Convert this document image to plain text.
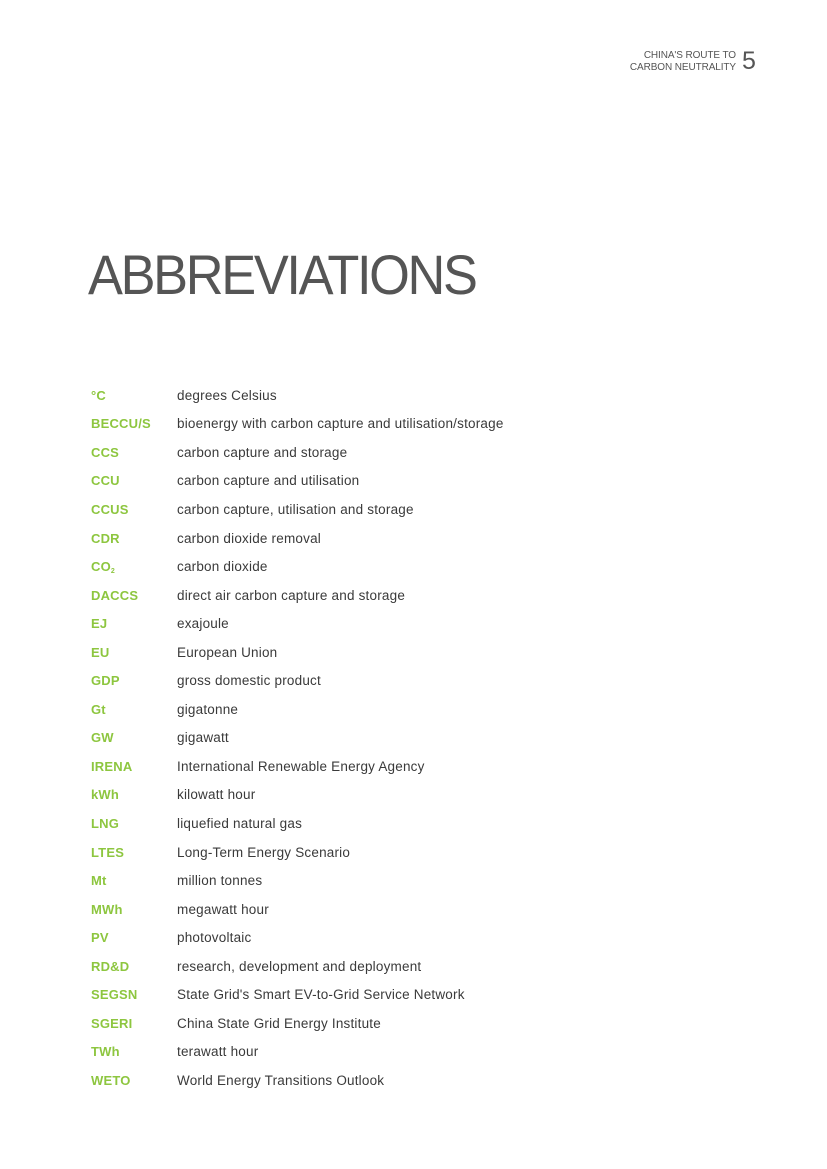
CHINA'S ROUTE TO
CARBON NEUTRALITY 5
ABBREVIATIONS
°C	degrees Celsius
BECCU/S	bioenergy with carbon capture and utilisation/storage
CCS	carbon capture and storage
CCU	carbon capture and utilisation
CCUS	carbon capture, utilisation and storage
CDR	carbon dioxide removal
$CO_2$	carbon dioxide
DACCS	direct air carbon capture and storage
EJ	exajoule
EU	European Union
GDP	gross domestic product
Gt	gigatonne
GW	gigawatt
IRENA	International Renewable Energy Agency
kWh	kilowatt hour
LNG	liquefied natural gas
LTES	Long-Term Energy Scenario
Mt	million tonnes
MWh	megawatt hour
PV	photovoltaic
RD&D	research, development and deployment
SEGSN	State Grid's Smart EV-to-Grid Service Network
SGERI	China State Grid Energy Institute
TWh	terawatt hour
WETO	World Energy Transitions Outlook
